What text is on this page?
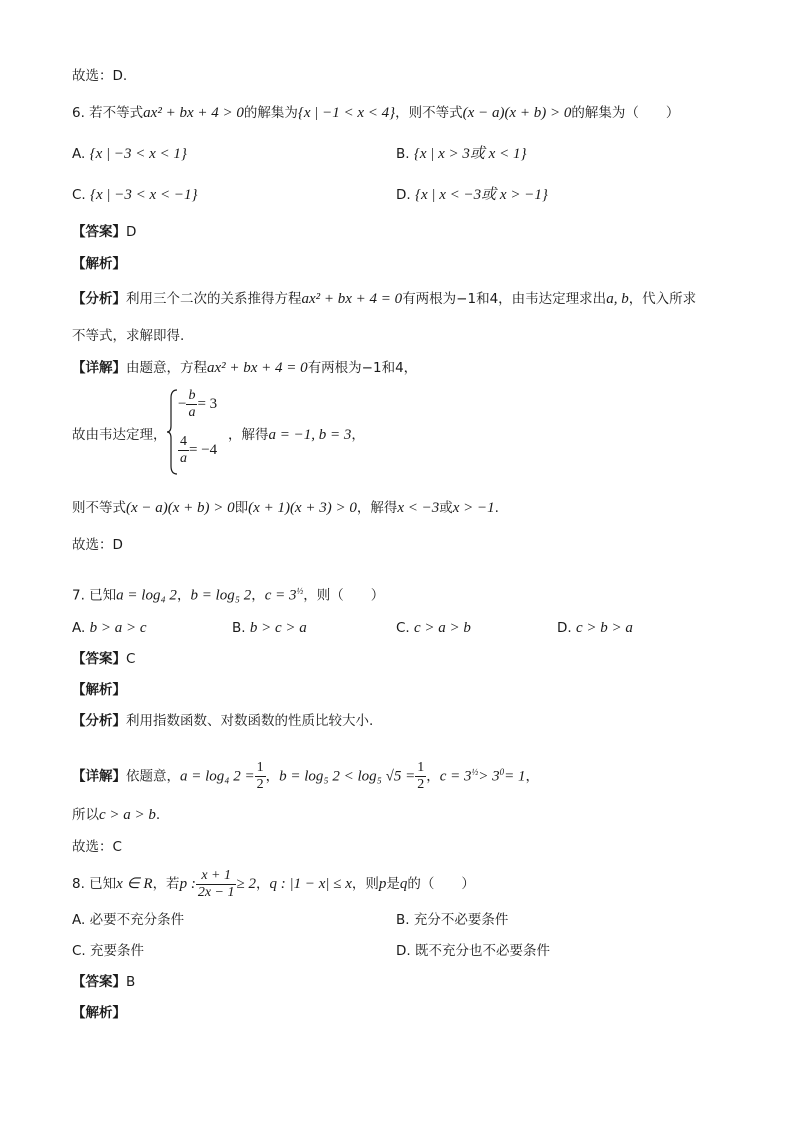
故选：D.
6. 若不等式ax² + bx + 4 > 0的解集为{x | −1 < x < 4}，则不等式(x − a)(x + b) > 0的解集为（　　）
A. {x | −3 < x < 1}	B. {x | x > 3或 x < 1}
C. {x | −3 < x < −1}	D. {x | x < −3或 x > −1}
【答案】D
【解析】
【分析】利用三个二次的关系推得方程ax² + bx + 4 = 0有两根为−1和4，由韦达定理求出a, b，代入所求
不等式，求解即得.
【详解】由题意，方程ax² + bx + 4 = 0有两根为−1和4，
故由韦达定理，
− $\frac{b}{a} = 3$
$\frac{4}{a} = -4$
，解得a = −1, b = 3，
则不等式(x − a)(x + b) > 0即(x + 1)(x + 3) > 0，解得x < −3或x > −1.
故选：D
7. 已知a = log₄ 2，b = log₅ 2，$c = 3^{\frac{1}{2}}$，则（　　）
A. b > a > c	B. b > c > a	C. c > a > b	D. c > b > a
【答案】C
【解析】
【分析】利用指数函数、对数函数的性质比较大小.
【详解】依题意，a = log₄ $2 = \frac{1}{2}$ ，b = log₅ 2 < log₅ $√5 = \frac{1}{2}$ ，$c = 3^{\frac{1}{2}}> 3^0= 1$，
所以c > a > b.
故选：C
8. 已知x ∈ R，若p : $\frac{x + 1}{2x - 1} \ge 2$，q : |1 − x| ≤ x，则p是q的（　　）
A. 必要不充分条件	B. 充分不必要条件
C. 充要条件	D. 既不充分也不必要条件
【答案】B
【解析】
